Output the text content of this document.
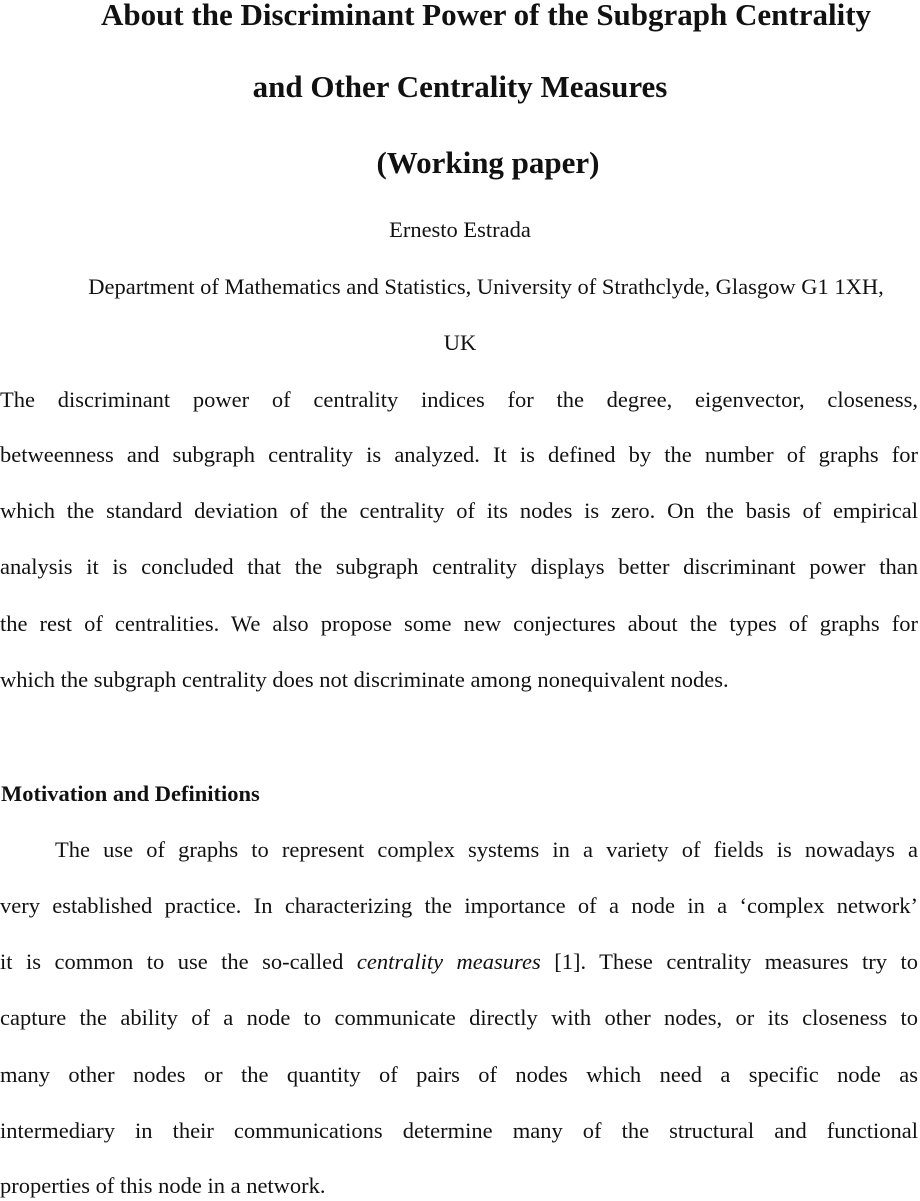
About the Discriminant Power of the Subgraph Centrality
and Other Centrality Measures
(Working paper)

Ernesto Estrada

Department of Mathematics and Statistics, University of Strathclyde, Glasgow G1 1XH,

UK

The discriminant power of centrality indices for the degree, eigenvector, closeness,

betweenness and subgraph centrality is analyzed. It is defined by the number of graphs for

which the standard deviation of the centrality of its nodes is zero. On the basis of empirical

analysis it is concluded that the subgraph centrality displays better discriminant power than

the rest of centralities. We also propose some new conjectures about the types of graphs for

which the subgraph centrality does not discriminate among nonequivalent nodes.

Motivation and Definitions

The use of graphs to represent complex systems in a variety of fields is nowadays a

very established practice. In characterizing the importance of a node in a ‘complex network’

it is common to use the so-called centrality measures [1]. These centrality measures try to

capture the ability of a node to communicate directly with other nodes, or its closeness to

many other nodes or the quantity of pairs of nodes which need a specific node as

intermediary in their communications determine many of the structural and functional

properties of this node in a network.
